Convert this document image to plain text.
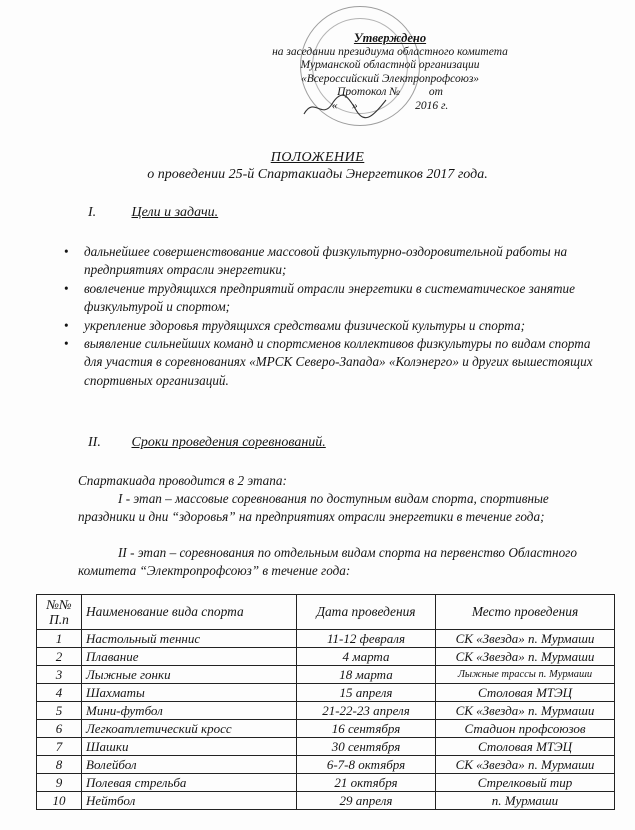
Утверждено
на заседании президиума областного комитета
Мурманской областной организации
«Всероссийский Электропрофсоюз»
Протокол №          от
«     »                    2016 г.
ПОЛОЖЕНИЕ
о проведении 25-й Спартакиады Энергетиков 2017 года.
I.	Цели и задачи.
• дальнейшее совершенствование массовой физкультурно-оздоровительной работы на предприятиях отрасли энергетики;
• вовлечение трудящихся предприятий отрасли энергетики в систематическое занятие физкультурой и спортом;
• укрепление здоровья трудящихся средствами физической культуры и спорта;
• выявление сильнейших команд и спортсменов коллективов физкультуры по видам спорта для участия в соревнованиях «МРСК Северо-Запада» «Колэнерго» и других вышестоящих спортивных организаций.
II. Сроки проведения соревнований.
Спартакиада проводится в 2 этапа:
I - этап – массовые соревнования по доступным видам спорта, спортивные праздники и дни “здоровья” на предприятиях отрасли энергетики в течение года;
II - этап – соревнования по отдельным видам спорта на первенство Областного комитета “Электропрофсоюз” в течение года:
№№ П.п	Наименование вида спорта	Дата проведения	Место проведения
1	Настольный теннис	11-12 февраля	СК «Звезда» п. Мурмаши
2	Плавание	4 марта	СК «Звезда» п. Мурмаши
3	Лыжные гонки	18 марта	Лыжные трассы п. Мурмаши
4	Шахматы	15 апреля	Столовая МТЭЦ
5	Мини-футбол	21-22-23 апреля	СК «Звезда» п. Мурмаши
6	Легкоатлетический кросс	16 сентября	Стадион профсоюзов
7	Шашки	30 сентября	Столовая МТЭЦ
8	Волейбол	6-7-8 октября	СК «Звезда» п. Мурмаши
9	Полевая стрельба	21 октября	Стрелковый тир
10	Нейтбол	29 апреля	п. Мурмаши
